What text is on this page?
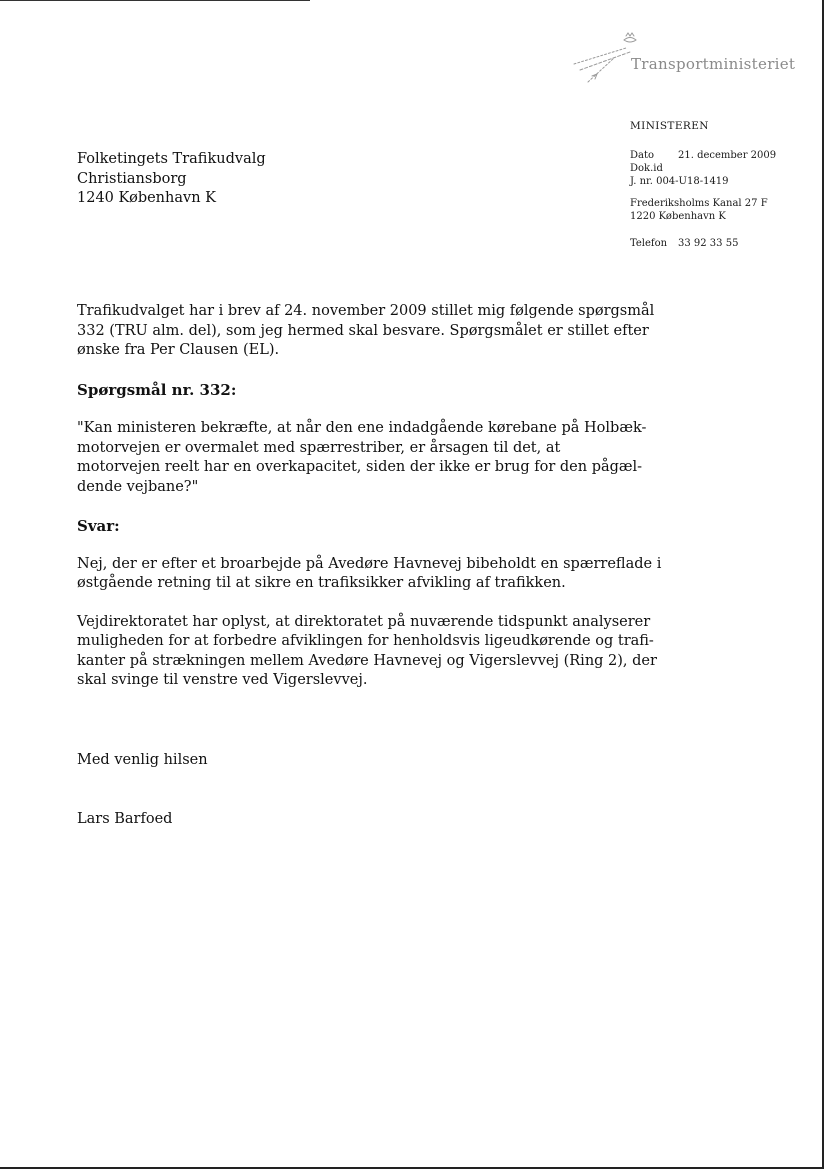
Transportministeriet
MINISTEREN
Dato 21. december 2009
Dok.id
J. nr. 004-U18-1419
Frederiksholms Kanal 27 F
1220 København K
Telefon 33 92 33 55
Folketingets Trafikudvalg
Christiansborg
1240 København K

Trafikudvalget har i brev af 24. november 2009 stillet mig følgende spørgsmål
332 (TRU alm. del), som jeg hermed skal besvare. Spørgsmålet er stillet efter
ønske fra Per Clausen (EL).

Spørgsmål nr. 332:

"Kan ministeren bekræfte, at når den ene indadgående kørebane på Holbæk-
motorvejen er overmalet med spærrestriber, er årsagen til det, at
motorvejen reelt har en overkapacitet, siden der ikke er brug for den pågæl-
dende vejbane?"

Svar:

Nej, der er efter et broarbejde på Avedøre Havnevej bibeholdt en spærreflade i
østgående retning til at sikre en trafiksikker afvikling af trafikken.

Vejdirektoratet har oplyst, at direktoratet på nuværende tidspunkt analyserer
muligheden for at forbedre afviklingen for henholdsvis ligeudkørende og trafi-
kanter på strækningen mellem Avedøre Havnevej og Vigerslevvej (Ring 2), der
skal svinge til venstre ved Vigerslevvej.

Med venlig hilsen
Lars Barfoed
